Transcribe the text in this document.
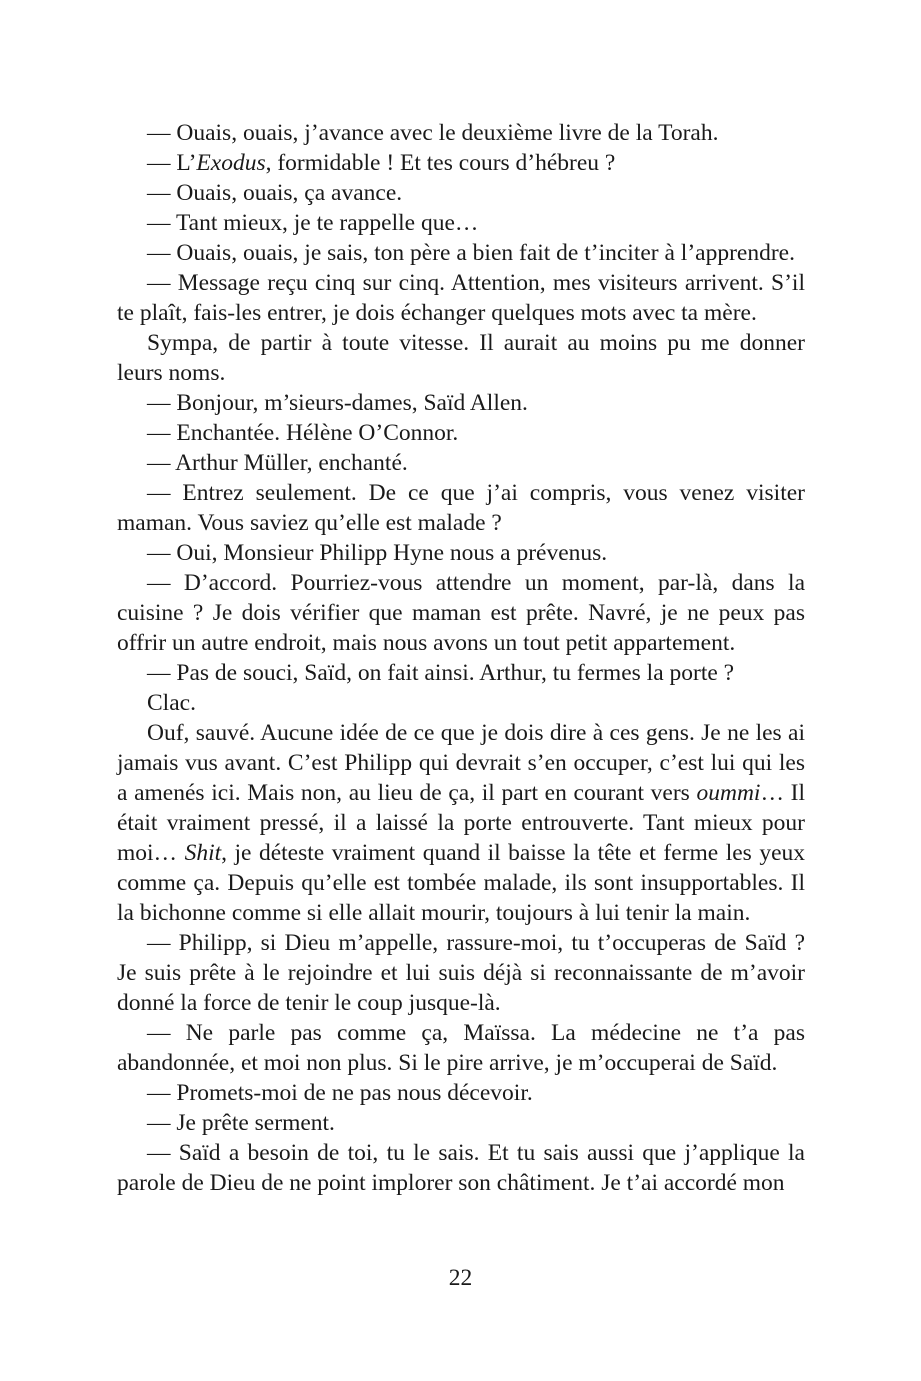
— Ouais, ouais, j’avance avec le deuxième livre de la Torah.

— L’Exodus, formidable ! Et tes cours d’hébreu ?

— Ouais, ouais, ça avance.

— Tant mieux, je te rappelle que…

— Ouais, ouais, je sais, ton père a bien fait de t’inciter à l’apprendre.

— Message reçu cinq sur cinq. Attention, mes visiteurs arrivent. S’il te plaît, fais-les entrer, je dois échanger quelques mots avec ta mère.

Sympa, de partir à toute vitesse. Il aurait au moins pu me donner leurs noms.

— Bonjour, m’sieurs-dames, Saïd Allen.

— Enchantée. Hélène O’Connor.

— Arthur Müller, enchanté.

— Entrez seulement. De ce que j’ai compris, vous venez visiter maman. Vous saviez qu’elle est malade ?

— Oui, Monsieur Philipp Hyne nous a prévenus.

— D’accord. Pourriez-vous attendre un moment, par-là, dans la cuisine ? Je dois vérifier que maman est prête. Navré, je ne peux pas offrir un autre endroit, mais nous avons un tout petit appartement.

— Pas de souci, Saïd, on fait ainsi. Arthur, tu fermes la porte ?

Clac.

Ouf, sauvé. Aucune idée de ce que je dois dire à ces gens. Je ne les ai jamais vus avant. C’est Philipp qui devrait s’en occuper, c’est lui qui les a amenés ici. Mais non, au lieu de ça, il part en courant vers oummi… Il était vraiment pressé, il a laissé la porte entrouverte. Tant mieux pour moi… Shit, je déteste vraiment quand il baisse la tête et ferme les yeux comme ça. Depuis qu’elle est tombée malade, ils sont insupportables. Il la bichonne comme si elle allait mourir, toujours à lui tenir la main.

— Philipp, si Dieu m’appelle, rassure-moi, tu t’occuperas de Saïd ? Je suis prête à le rejoindre et lui suis déjà si reconnaissante de m’avoir donné la force de tenir le coup jusque-là.

— Ne parle pas comme ça, Maïssa. La médecine ne t’a pas abandonnée, et moi non plus. Si le pire arrive, je m’occuperai de Saïd.

— Promets-moi de ne pas nous décevoir.

— Je prête serment.

— Saïd a besoin de toi, tu le sais. Et tu sais aussi que j’applique la parole de Dieu de ne point implorer son châtiment. Je t’ai accordé mon

22
